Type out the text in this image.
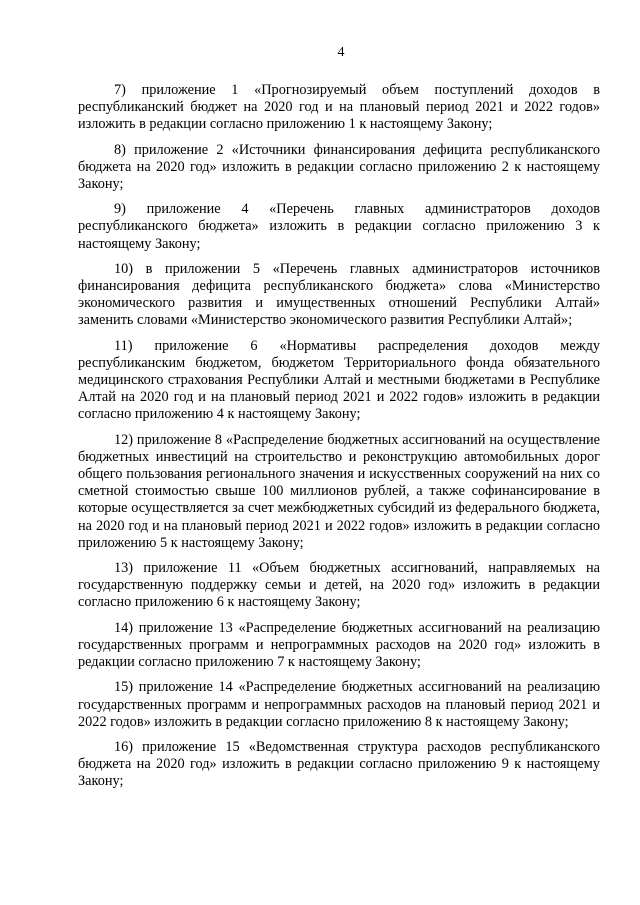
4

7) приложение 1 «Прогнозируемый объем поступлений доходов в республиканский бюджет на 2020 год и на плановый период 2021 и 2022 годов» изложить в редакции согласно приложению 1 к настоящему Закону;

8) приложение 2 «Источники финансирования дефицита республиканского бюджета на 2020 год» изложить в редакции согласно приложению 2 к настоящему Закону;

9) приложение 4 «Перечень главных администраторов доходов республиканского бюджета» изложить в редакции согласно приложению 3 к настоящему Закону;

10) в приложении 5 «Перечень главных администраторов источников финансирования дефицита республиканского бюджета» слова «Министерство экономического развития и имущественных отношений Республики Алтай» заменить словами «Министерство экономического развития Республики Алтай»;

11) приложение 6 «Нормативы распределения доходов между республиканским бюджетом, бюджетом Территориального фонда обязательного медицинского страхования Республики Алтай и местными бюджетами в Республике Алтай на 2020 год и на плановый период 2021 и 2022 годов» изложить в редакции согласно приложению 4 к настоящему Закону;

12) приложение 8 «Распределение бюджетных ассигнований на осуществление бюджетных инвестиций на строительство и реконструкцию автомобильных дорог общего пользования регионального значения и искусственных сооружений на них со сметной стоимостью свыше 100 миллионов рублей, а также софинансирование в которые осуществляется за счет межбюджетных субсидий из федерального бюджета, на 2020 год и на плановый период 2021 и 2022 годов» изложить в редакции согласно приложению 5 к настоящему Закону;

13) приложение 11 «Объем бюджетных ассигнований, направляемых на государственную поддержку семьи и детей, на 2020 год» изложить в редакции согласно приложению 6 к настоящему Закону;

14) приложение 13 «Распределение бюджетных ассигнований на реализацию государственных программ и непрограммных расходов на 2020 год» изложить в редакции согласно приложению 7 к настоящему Закону;

15) приложение 14 «Распределение бюджетных ассигнований на реализацию государственных программ и непрограммных расходов на плановый период 2021 и 2022 годов» изложить в редакции согласно приложению 8 к настоящему Закону;

16) приложение 15 «Ведомственная структура расходов республиканского бюджета на 2020 год» изложить в редакции согласно приложению 9 к настоящему Закону;
